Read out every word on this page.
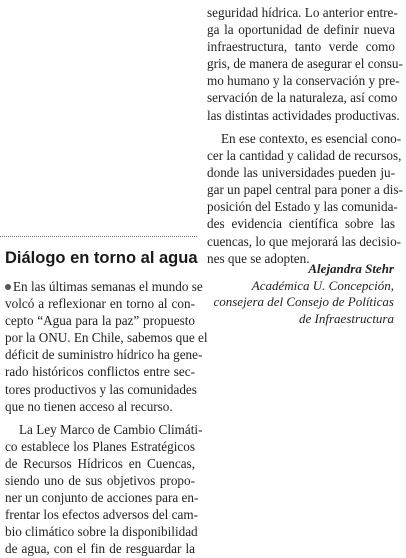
seguridad hídrica. Lo anterior entre-
ga la oportunidad de definir nueva
infraestructura, tanto verde como
gris, de manera de asegurar el consu-
mo humano y la conservación y pre-
servación de la naturaleza, así como
las distintas actividades productivas.

En ese contexto, es esencial cono-
cer la cantidad y calidad de recursos,
donde las universidades pueden ju-
gar un papel central para poner a dis-
posición del Estado y las comunida-
des evidencia científica sobre las
cuencas, lo que mejorará las decisio-
nes que se adopten.

Alejandra Stehr
Académica U. Concepción,
consejera del Consejo de Políticas
de Infraestructura
Diálogo en torno al agua

En las últimas semanas el mundo se
volcó a reflexionar en torno al con-
cepto “Agua para la paz” propuesto
por la ONU. En Chile, sabemos que el
déficit de suministro hídrico ha gene-
rado históricos conflictos entre sec-
tores productivos y las comunidades
que no tienen acceso al recurso.

La Ley Marco de Cambio Climáti-
co establece los Planes Estratégicos
de Recursos Hídricos en Cuencas,
siendo uno de sus objetivos propo-
ner un conjunto de acciones para en-
frentar los efectos adversos del cam-
bio climático sobre la disponibilidad
de agua, con el fin de resguardar la
